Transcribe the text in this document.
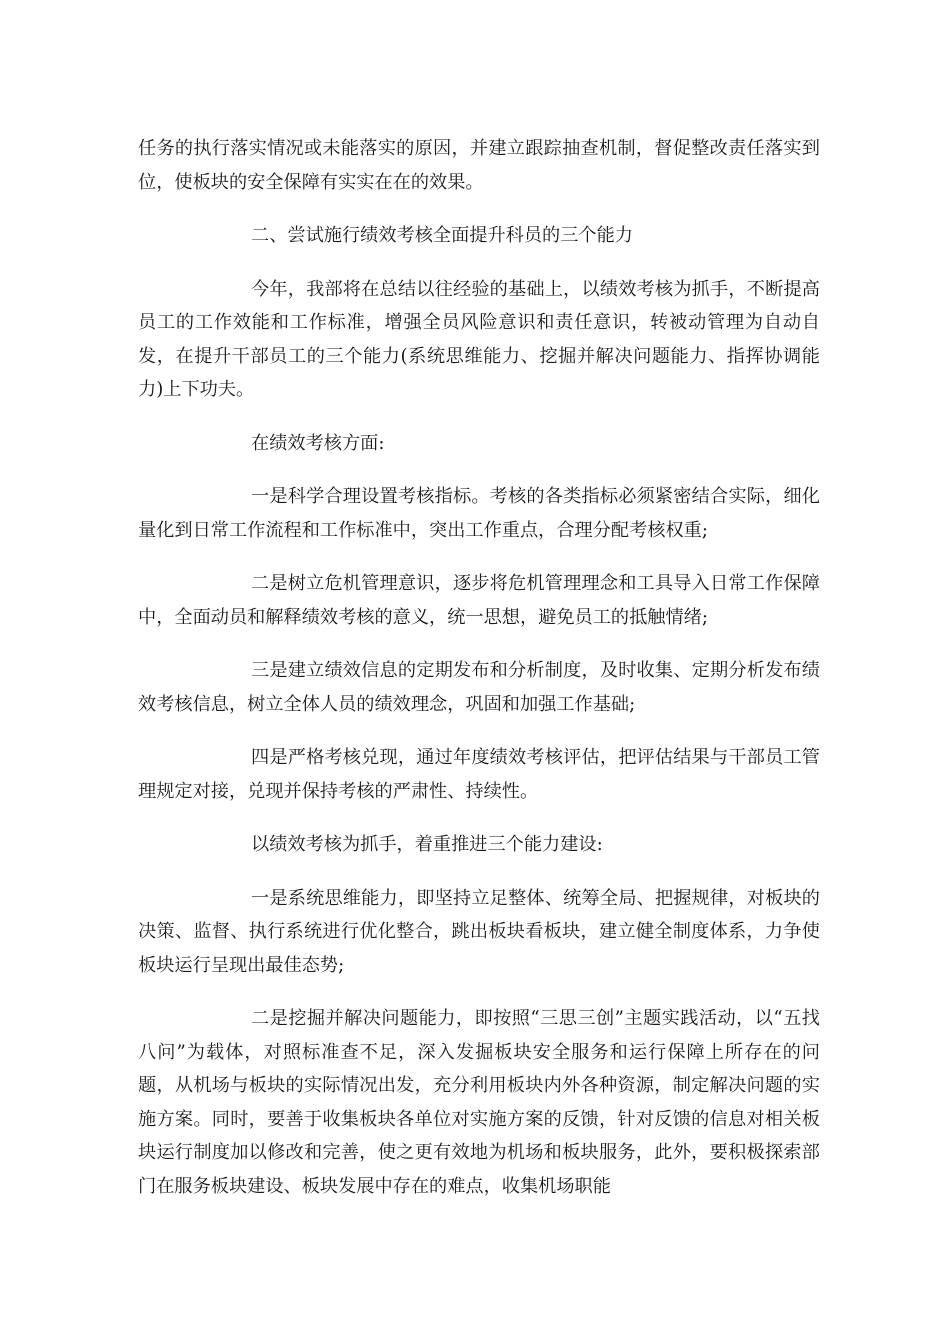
任务的执行落实情况或未能落实的原因，并建立跟踪抽查机制，督促整改责任落实到位，使板块的安全保障有实实在在的效果。

二、尝试施行绩效考核全面提升科员的三个能力

今年，我部将在总结以往经验的基础上，以绩效考核为抓手，不断提高员工的工作效能和工作标准，增强全员风险意识和责任意识，转被动管理为自动自发，在提升干部员工的三个能力(系统思维能力、挖掘并解决问题能力、指挥协调能力)上下功夫。

在绩效考核方面:

一是科学合理设置考核指标。考核的各类指标必须紧密结合实际，细化量化到日常工作流程和工作标准中，突出工作重点，合理分配考核权重;

二是树立危机管理意识，逐步将危机管理理念和工具导入日常工作保障中，全面动员和解释绩效考核的意义，统一思想，避免员工的抵触情绪;

三是建立绩效信息的定期发布和分析制度，及时收集、定期分析发布绩效考核信息，树立全体人员的绩效理念，巩固和加强工作基础;

四是严格考核兑现，通过年度绩效考核评估，把评估结果与干部员工管理规定对接，兑现并保持考核的严肃性、持续性。

以绩效考核为抓手，着重推进三个能力建设:

一是系统思维能力，即坚持立足整体、统筹全局、把握规律，对板块的决策、监督、执行系统进行优化整合，跳出板块看板块，建立健全制度体系，力争使板块运行呈现出最佳态势;

二是挖掘并解决问题能力，即按照“三思三创”主题实践活动，以“五找八问”为载体，对照标准查不足，深入发掘板块安全服务和运行保障上所存在的问题，从机场与板块的实际情况出发，充分利用板块内外各种资源，制定解决问题的实施方案。同时，要善于收集板块各单位对实施方案的反馈，针对反馈的信息对相关板块运行制度加以修改和完善，使之更有效地为机场和板块服务，此外，要积极探索部门在服务板块建设、板块发展中存在的难点，收集机场职能
